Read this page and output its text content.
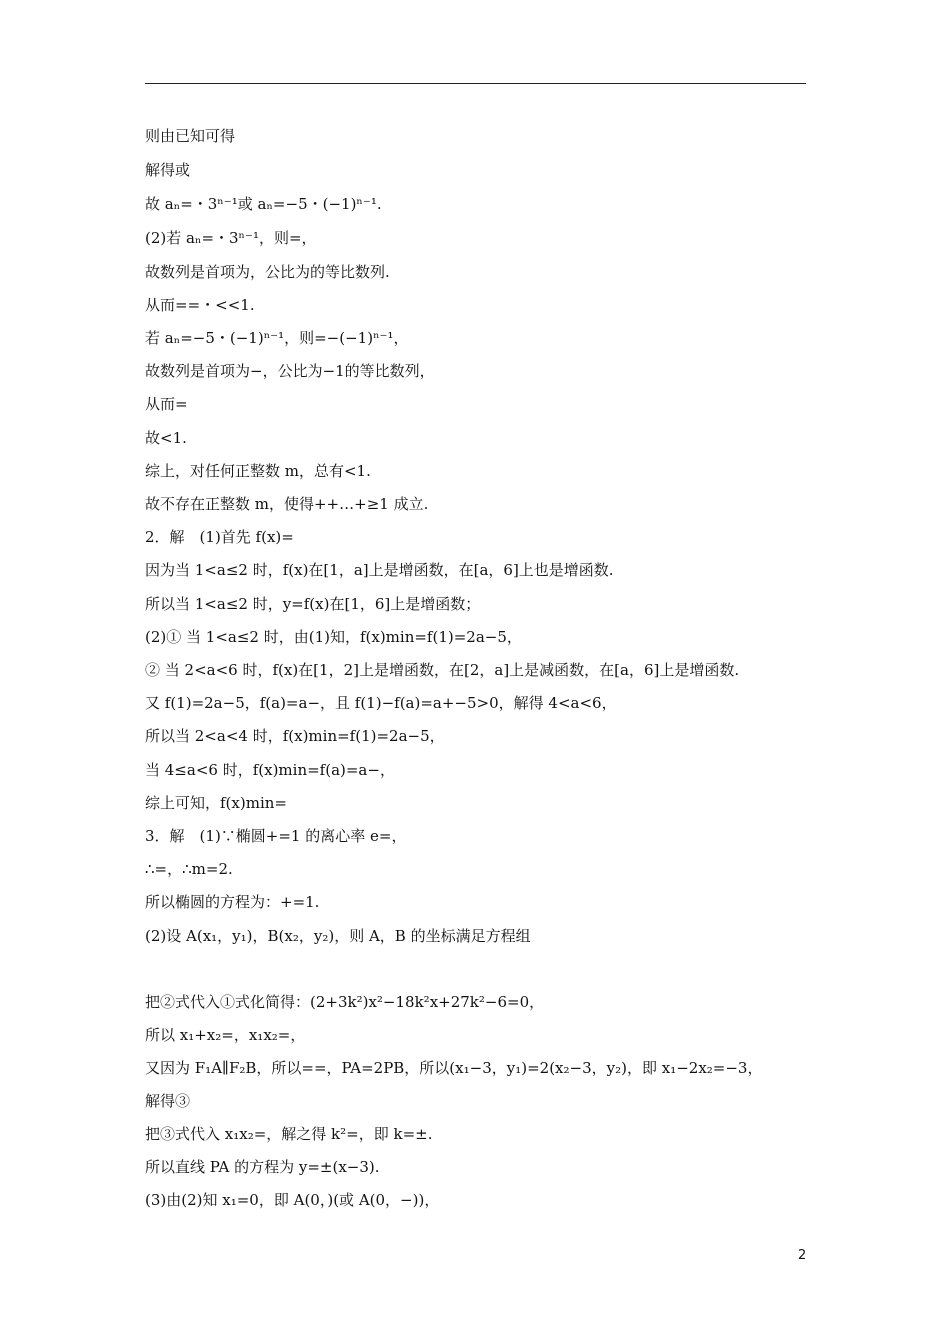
则由已知可得
解得或
故 aₙ=・3ⁿ⁻¹或 aₙ=−5・(−1)ⁿ⁻¹.
(2)若 aₙ=・3ⁿ⁻¹，则=，
故数列是首项为，公比为的等比数列.
从而==・<<1.
若 aₙ=−5・(−1)ⁿ⁻¹，则=−(−1)ⁿ⁻¹，
故数列是首项为−，公比为−1的等比数列，
从而=
故<1.
综上，对任何正整数 m，总有<1.
故不存在正整数 m，使得++…+≥1 成立.
2．解　(1)首先 f(x)=
因为当 1<a≤2 时，f(x)在[1，a]上是增函数，在[a，6]上也是增函数.
所以当 1<a≤2 时，y=f(x)在[1，6]上是增函数；
(2)① 当 1<a≤2 时，由(1)知，f(x)min=f(1)=2a−5，
② 当 2<a<6 时，f(x)在[1，2]上是增函数，在[2，a]上是减函数，在[a，6]上是增函数.
又 f(1)=2a−5，f(a)=a−，且 f(1)−f(a)=a+−5>0，解得 4<a<6，
所以当 2<a<4 时，f(x)min=f(1)=2a−5，
当 4≤a<6 时，f(x)min=f(a)=a−，
综上可知，f(x)min=
3．解　(1)∵椭圆+=1 的离心率 e=，
∴=，∴m=2.
所以椭圆的方程为：+=1.
(2)设 A(x₁，y₁)，B(x₂，y₂)，则 A，B 的坐标满足方程组
把②式代入①式化简得：(2+3k²)x²−18k²x+27k²−6=0，
所以 x₁+x₂=，x₁x₂=，
又因为 F₁A∥F₂B，所以==，PA=2PB，所以(x₁−3，y₁)=2(x₂−3，y₂)，即 x₁−2x₂=−3，
解得③
把③式代入 x₁x₂=，解之得 k²=，即 k=±.
所以直线 PA 的方程为 y=±(x−3).
(3)由(2)知 x₁=0，即 A(0，)(或 A(0，−))，
2
